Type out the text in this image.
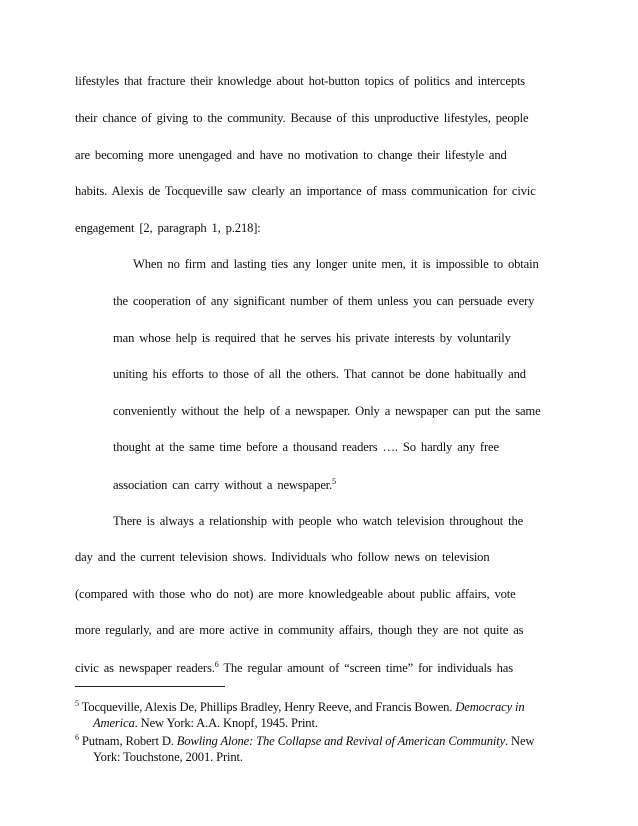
lifestyles that fracture their knowledge about hot-button topics of politics and intercepts
their chance of giving to the community. Because of this unproductive lifestyles, people
are becoming more unengaged and have no motivation to change their lifestyle and
habits. Alexis de Tocqueville saw clearly an importance of mass communication for civic
engagement [2, paragraph 1, p.218]:
When no firm and lasting ties any longer unite men, it is impossible to obtain
the cooperation of any significant number of them unless you can persuade every
man whose help is required that he serves his private interests by voluntarily
uniting his efforts to those of all the others. That cannot be done habitually and
conveniently without the help of a newspaper. Only a newspaper can put the same
thought at the same time before a thousand readers …. So hardly any free
association can carry without a newspaper.$^5$
There is always a relationship with people who watch television throughout the
day and the current television shows. Individuals who follow news on television
(compared with those who do not) are more knowledgeable about public affairs, vote
more regularly, and are more active in community affairs, though they are not quite as
civic as newspaper readers.$^6$ The regular amount of “screen time” for individuals has
$^5$ Tocqueville, Alexis De, Phillips Bradley, Henry Reeve, and Francis Bowen. Democracy in
America. New York: A.A. Knopf, 1945. Print.
$^6$ Putnam, Robert D. Bowling Alone: The Collapse and Revival of American Community. New
York: Touchstone, 2001. Print.
